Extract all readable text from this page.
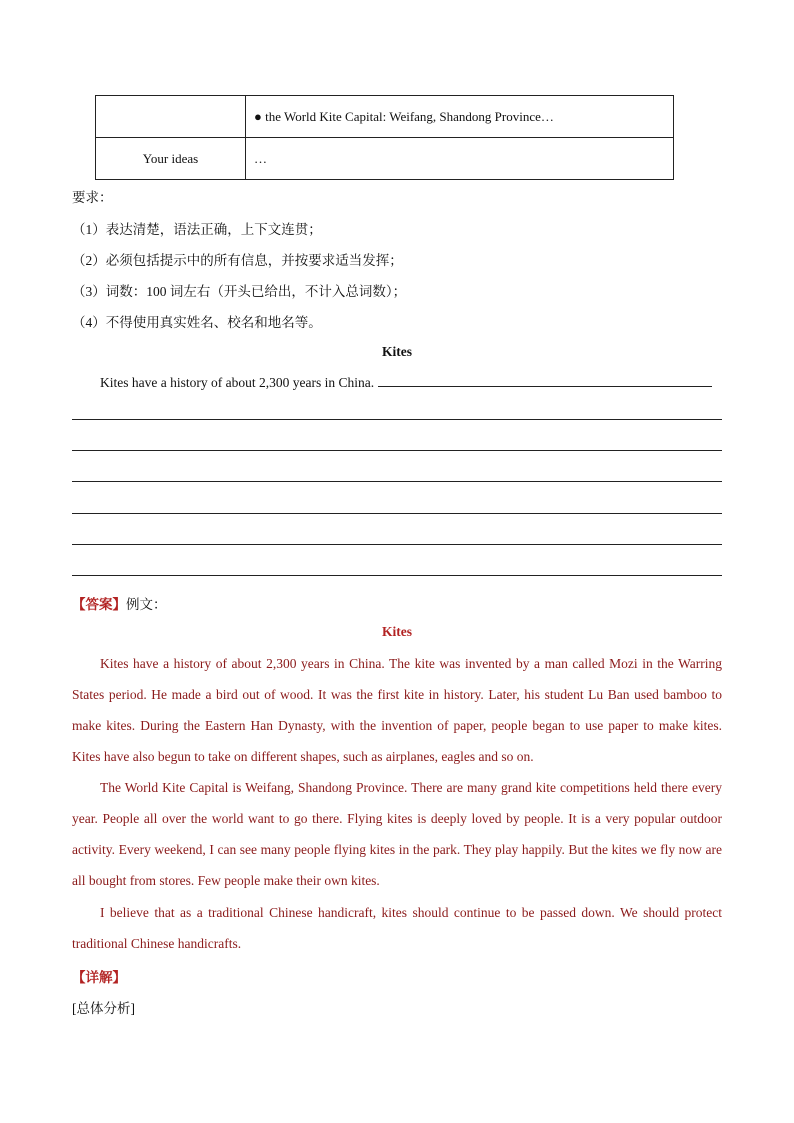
	● the World Kite Capital: Weifang, Shandong Province…
Your ideas	…
要求：
（1）表达清楚，语法正确，上下文连贯；
（2）必须包括提示中的所有信息，并按要求适当发挥；
（3）词数：100 词左右（开头已给出，不计入总词数）；
（4）不得使用真实姓名、校名和地名等。
Kites
Kites have a history of about 2,300 years in China.
【答案】例文：
Kites

Kites have a history of about 2,300 years in China. The kite was invented by a man called Mozi in the Warring States period. He made a bird out of wood. It was the first kite in history. Later, his student Lu Ban used bamboo to make kites. During the Eastern Han Dynasty, with the invention of paper, people began to use paper to make kites. Kites have also begun to take on different shapes, such as airplanes, eagles and so on.

The World Kite Capital is Weifang, Shandong Province. There are many grand kite competitions held there every year. People all over the world want to go there. Flying kites is deeply loved by people. It is a very popular outdoor activity. Every weekend, I can see many people flying kites in the park. They play happily. But the kites we fly now are all bought from stores. Few people make their own kites.

I believe that as a traditional Chinese handicraft, kites should continue to be passed down. We should protect traditional Chinese handicrafts.

【详解】
[总体分析]
